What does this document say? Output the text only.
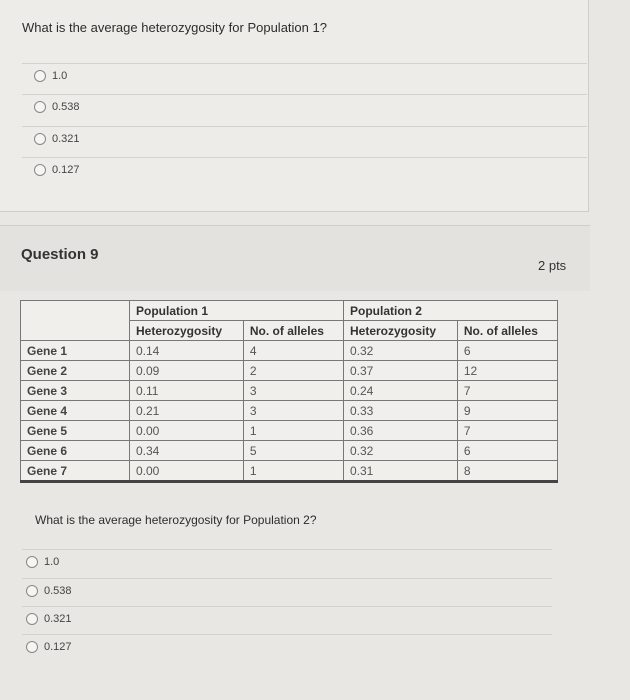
What is the average heterozygosity for Population 1?
1.0
0.538
0.321
0.127
Question 9
2 pts
	Population 1		Population 2	
	Heterozygosity	No. of alleles	Heterozygosity	No. of alleles
Gene 1	0.14	4	0.32	6
Gene 2	0.09	2	0.37	12
Gene 3	0.11	3	0.24	7
Gene 4	0.21	3	0.33	9
Gene 5	0.00	1	0.36	7
Gene 6	0.34	5	0.32	6
Gene 7	0.00	1	0.31	8
What is the average heterozygosity for Population 2?
1.0
0.538
0.321
0.127
